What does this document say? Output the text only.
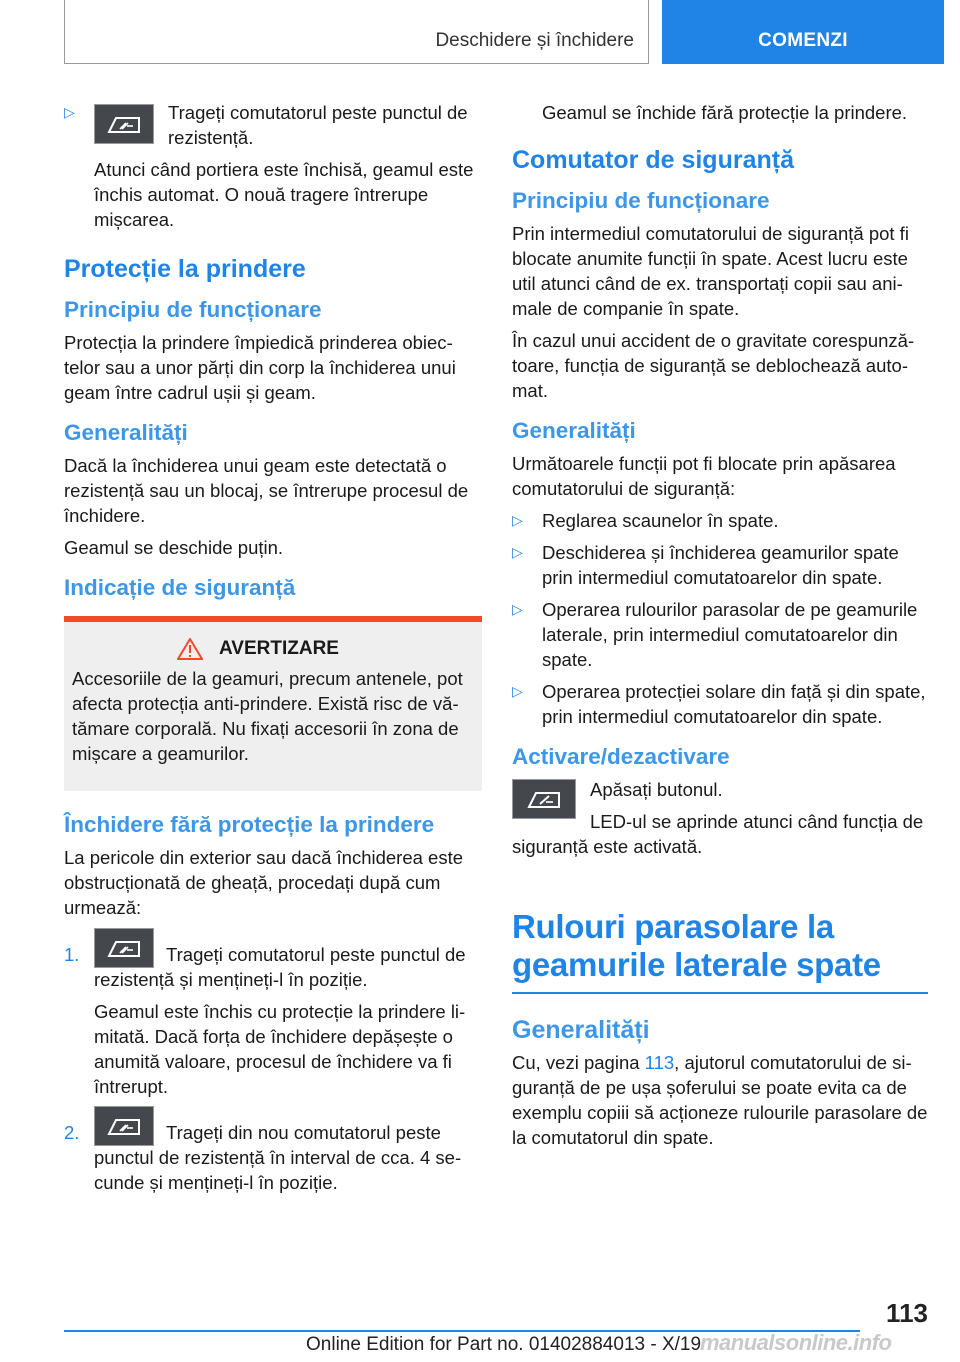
Deschidere și închidere	COMENZI
▷	Trageți comutatorul peste punctul de rezistență.

Atunci când portiera este închisă, geamul este închis automat. O nouă tragere întrerupe mișcarea.

Protecție la prindere
Principiu de funcționare

Protecția la prindere împiedică prinderea obiectelor sau a unor părți din corp la închiderea unui geam între cadrul ușii și geam.

Generalități

Dacă la închiderea unui geam este detectată o rezistență sau un blocaj, se întrerupe procesul de închidere.

Geamul se deschide puțin.

Indicație de siguranță
AVERTIZARE

Accesoriile de la geamuri, precum antenele, pot afecta protecția anti-prindere. Există risc de vătămare corporală. Nu fixați accesorii în zona de mișcare a geamurilor.

Închidere fără protecție la prindere

La pericole din exterior sau dacă închiderea este obstrucționată de gheață, procedați după cum urmează:

1.	Trageți comutatorul peste punctul de rezistență și mențineți-l în poziție.

Geamul este închis cu protecție la prindere limitată. Dacă forța de închidere depășește o anumită valoare, procesul de închidere va fi întrerupt.

2.	Trageți din nou comutatorul peste punctul de rezistență în interval de cca. 4 secunde și mențineți-l în poziție.

Geamul se închide fără protecție la prindere.

Comutator de siguranță
Principiu de funcționare

Prin intermediul comutatorului de siguranță pot fi blocate anumite funcții în spate. Acest lucru este util atunci când de ex. transportați copii sau animale de companie în spate.

În cazul unui accident de o gravitate corespunzătoare, funcția de siguranță se deblochează automat.

Generalități

Următoarele funcții pot fi blocate prin apăsarea comutatorului de siguranță:

▷	Reglarea scaunelor în spate.
▷	Deschiderea și închiderea geamurilor spate prin intermediul comutatoarelor din spate.
▷	Operarea rulourilor parasolar de pe geamurile laterale, prin intermediul comutatoarelor din spate.
▷	Operarea protecției solare din față și din spate, prin intermediul comutatoarelor din spate.
Activare/dezactivare

Apăsați butonul.

LED-ul se aprinde atunci când funcția de siguranță este activată.

Rulouri parasolare la geamurile laterale spate
Generalități

Cu, vezi pagina 113, ajutorul comutatorului de siguranță de pe ușa șoferului se poate evita ca de exemplu copiii să acționeze rulourile parasolare de la comutatorul din spate.

113
Online Edition for Part no. 01402884013 - X/19
manualsonline.info
